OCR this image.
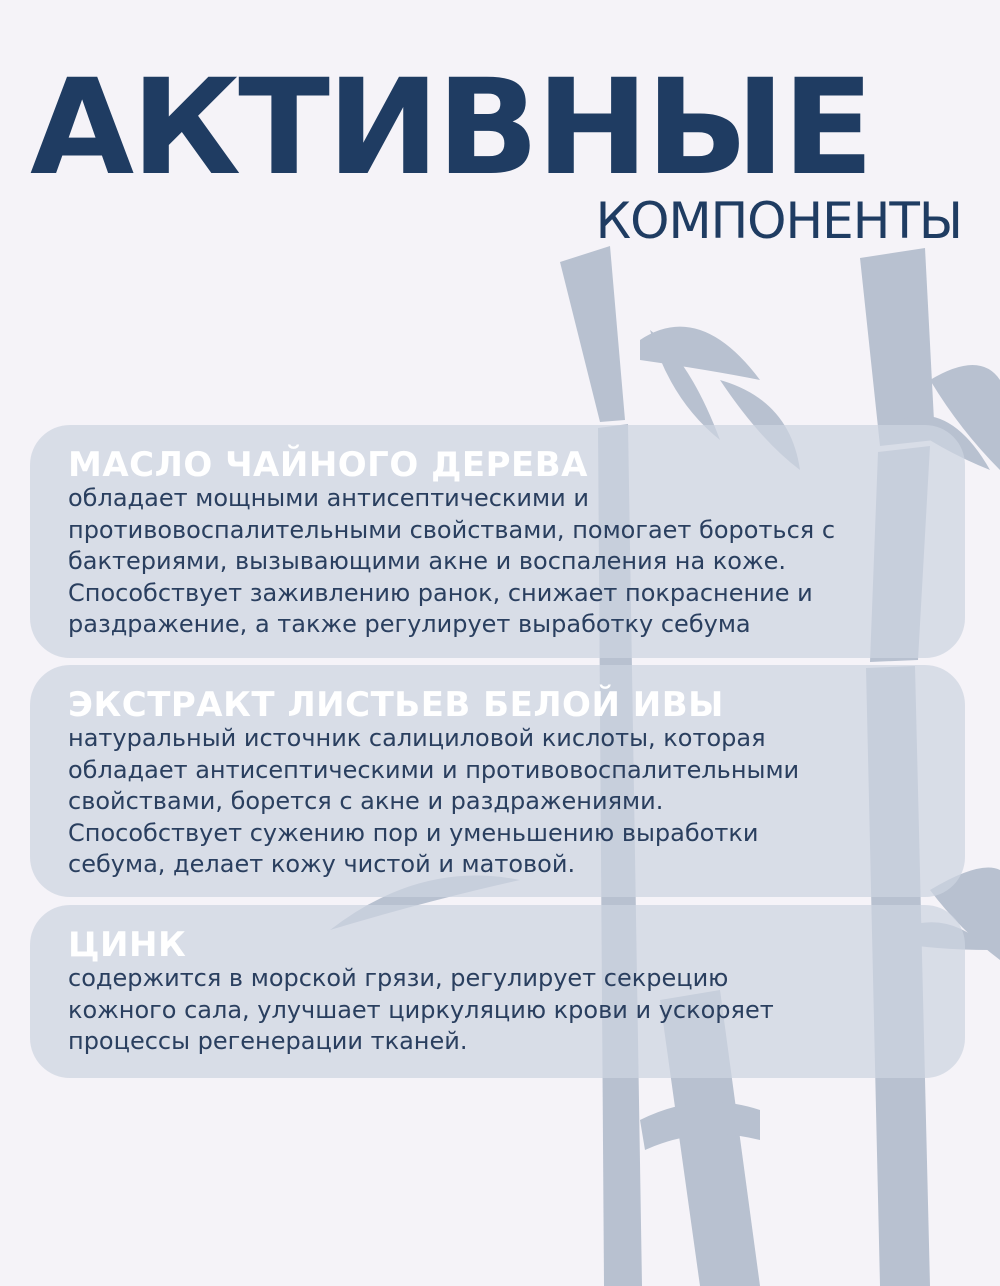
АКТИВНЫЕ
КОМПОНЕНТЫ
МАСЛО ЧАЙНОГО ДЕРЕВА
обладает мощными антисептическими и
противовоспалительными свойствами, помогает бороться с
бактериями, вызывающими акне и воспаления на коже.
Способствует заживлению ранок, снижает покраснение и
раздражение, а также регулирует выработку себума
ЭКСТРАКТ ЛИСТЬЕВ БЕЛОЙ ИВЫ
натуральный источник салициловой кислоты, которая
обладает антисептическими и противовоспалительными
свойствами, борется с акне и раздражениями.
Способствует сужению пор и уменьшению выработки
себума, делает кожу чистой и матовой.
ЦИНК
содержится в морской грязи, регулирует секрецию
кожного сала, улучшает циркуляцию крови и ускоряет
процессы регенерации тканей.
